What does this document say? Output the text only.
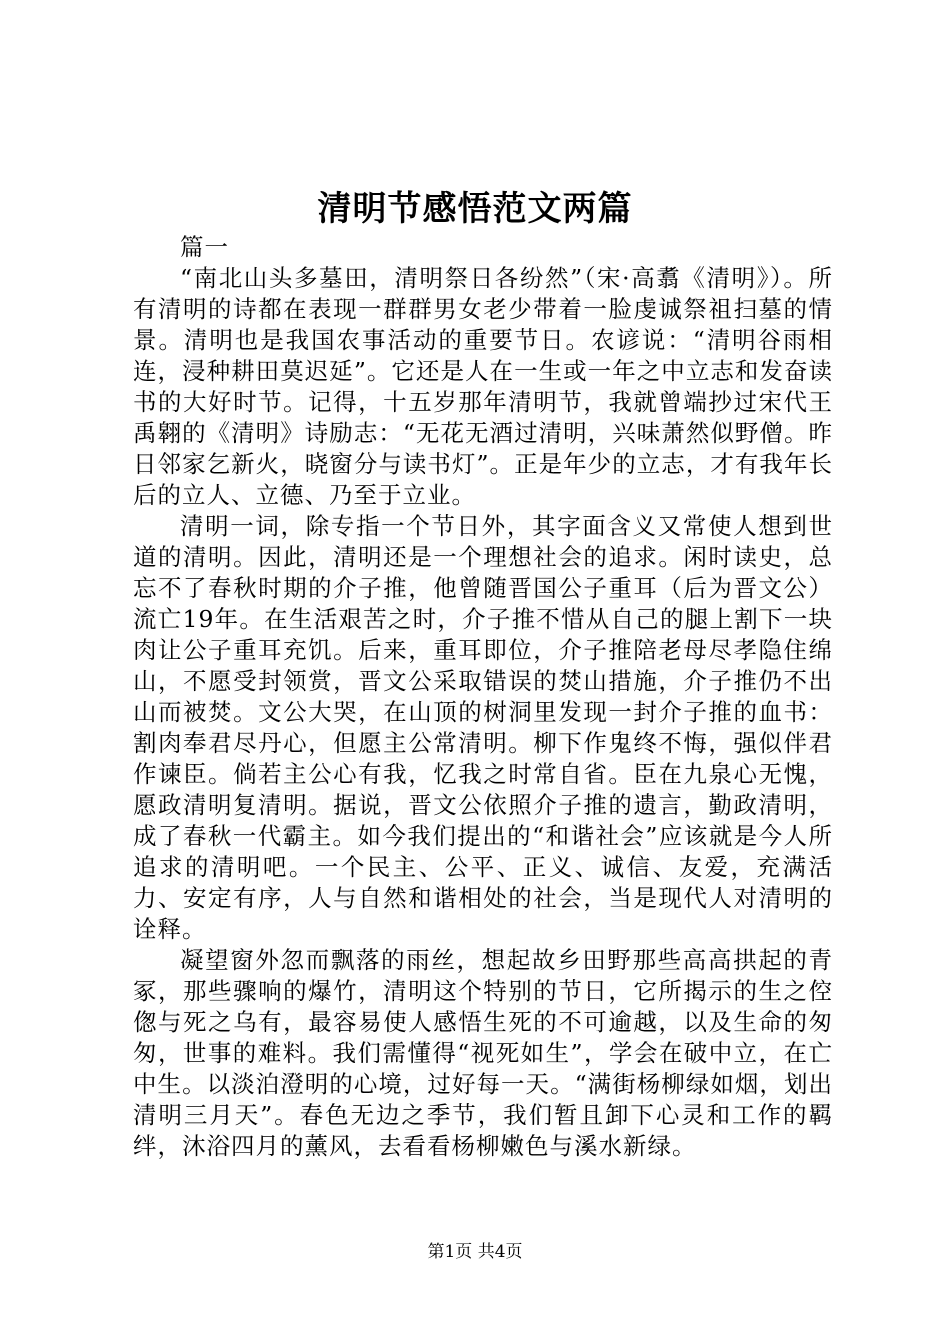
清明节感悟范文两篇

篇一

“南北山头多墓田，清明祭日各纷然”（宋·高翥《清明》）。所有清明的诗都在表现一群群男女老少带着一脸虔诚祭祖扫墓的情景。清明也是我国农事活动的重要节日。农谚说：“清明谷雨相连，浸种耕田莫迟延”。它还是人在一生或一年之中立志和发奋读书的大好时节。记得，十五岁那年清明节，我就曾端抄过宋代王禹翱的《清明》诗励志：“无花无酒过清明，兴味萧然似野僧。昨日邻家乞新火，晓窗分与读书灯”。正是年少的立志，才有我年长后的立人、立德、乃至于立业。

清明一词，除专指一个节日外，其字面含义又常使人想到世道的清明。因此，清明还是一个理想社会的追求。闲时读史，总忘不了春秋时期的介子推，他曾随晋国公子重耳（后为晋文公）流亡19年。在生活艰苦之时，介子推不惜从自己的腿上割下一块肉让公子重耳充饥。后来，重耳即位，介子推陪老母尽孝隐住绵山，不愿受封领赏，晋文公采取错误的焚山措施，介子推仍不出山而被焚。文公大哭，在山顶的树洞里发现一封介子推的血书：割肉奉君尽丹心，但愿主公常清明。柳下作鬼终不悔，强似伴君作谏臣。倘若主公心有我，忆我之时常自省。臣在九泉心无愧，愿政清明复清明。据说，晋文公依照介子推的遗言，勤政清明，成了春秋一代霸主。如今我们提出的“和谐社会”应该就是今人所追求的清明吧。一个民主、公平、正义、诚信、友爱，充满活力、安定有序，人与自然和谐相处的社会，当是现代人对清明的诠释。

凝望窗外忽而飘落的雨丝，想起故乡田野那些高高拱起的青冢，那些骤响的爆竹，清明这个特别的节日，它所揭示的生之倥偬与死之乌有，最容易使人感悟生死的不可逾越，以及生命的匆匆，世事的难料。我们需懂得“视死如生”，学会在破中立，在亡中生。以淡泊澄明的心境，过好每一天。“满街杨柳绿如烟，划出清明三月天”。春色无边之季节，我们暂且卸下心灵和工作的羁绊，沐浴四月的薰风，去看看杨柳嫩色与溪水新绿。

第1页 共4页
